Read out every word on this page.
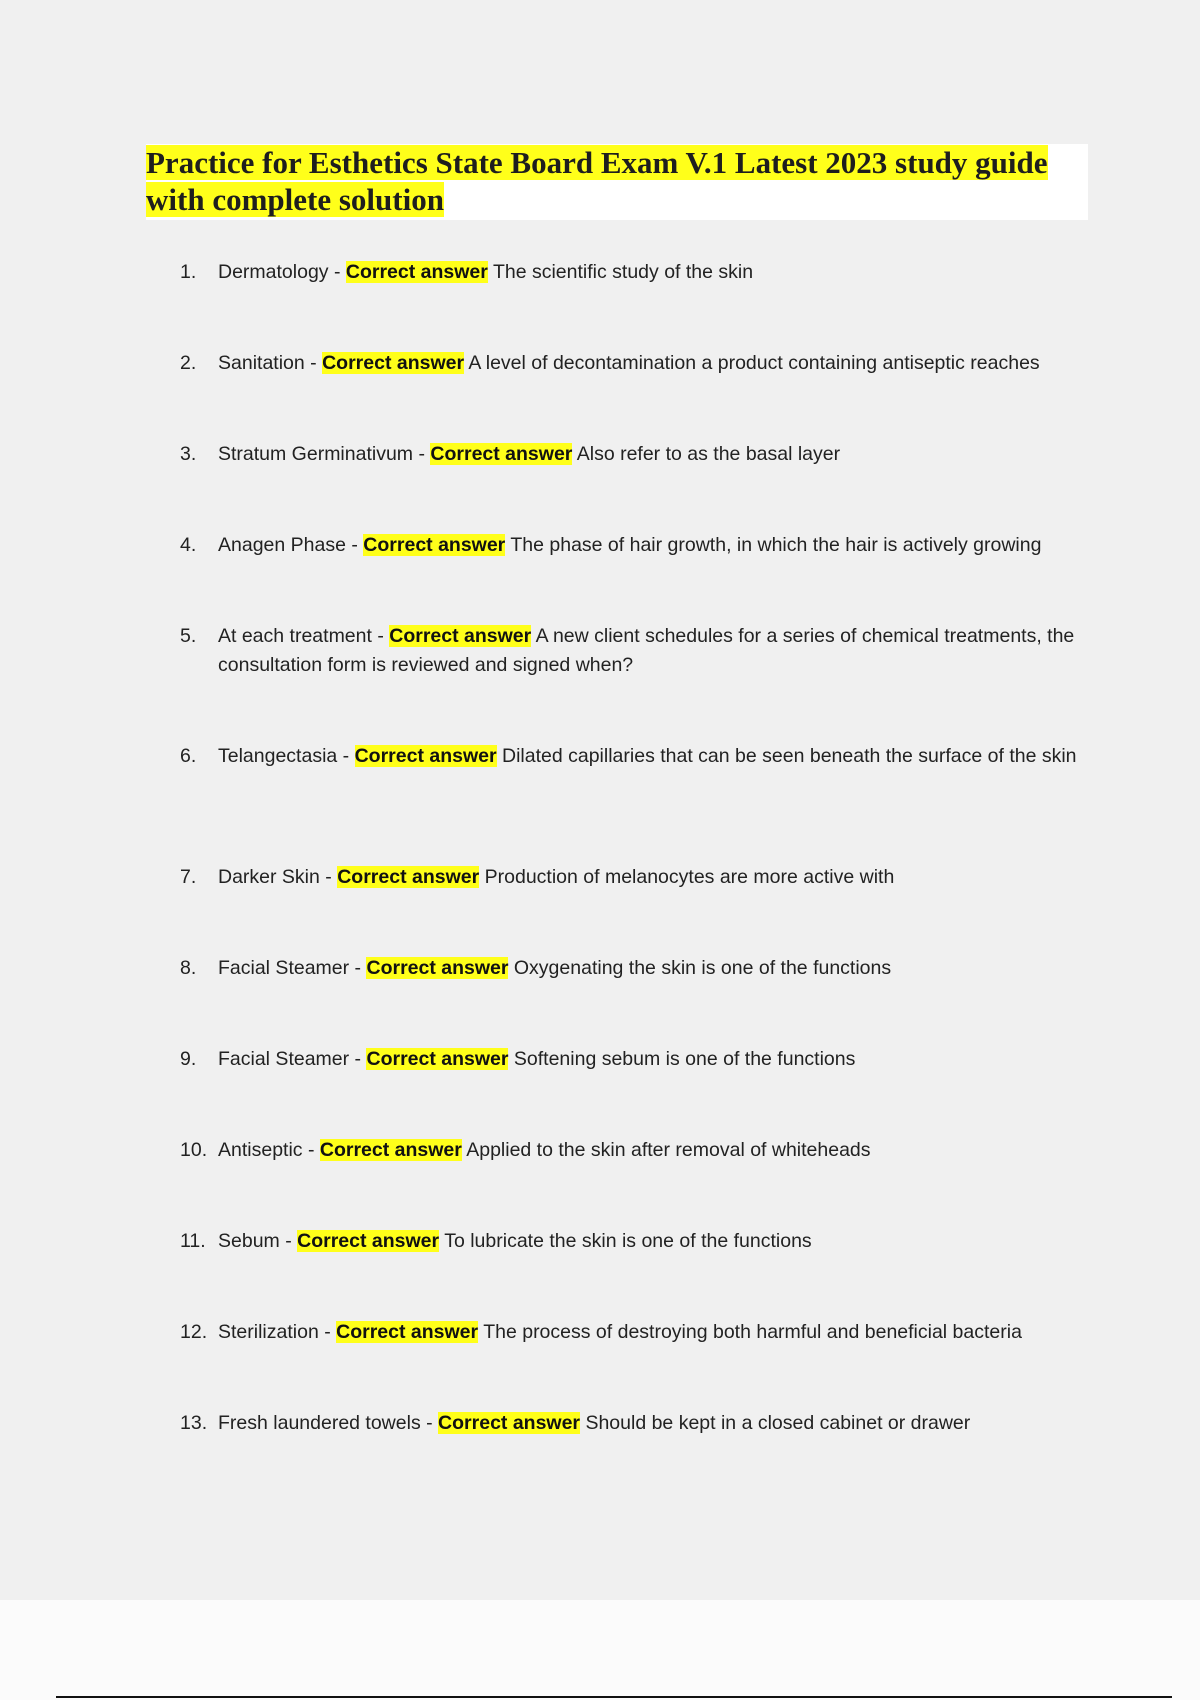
Practice for Esthetics State Board Exam V.1 Latest 2023 study guide with complete solution
1.	Dermatology - Correct answer The scientific study of the skin
2.	Sanitation - Correct answer A level of decontamination a product containing antiseptic reaches
3.	Stratum Germinativum - Correct answer Also refer to as the basal layer
4.	Anagen Phase - Correct answer The phase of hair growth, in which the hair is actively growing
5.	At each treatment - Correct answer A new client schedules for a series of chemical treatments, the consultation form is reviewed and signed when?
6.	Telangectasia - Correct answer Dilated capillaries that can be seen beneath the surface of the skin
7.	Darker Skin - Correct answer Production of melanocytes are more active with
8.	Facial Steamer - Correct answer Oxygenating the skin is one of the functions
9.	Facial Steamer - Correct answer Softening sebum is one of the functions
10. Antiseptic - Correct answer Applied to the skin after removal of whiteheads
11. Sebum - Correct answer To lubricate the skin is one of the functions
12. Sterilization - Correct answer The process of destroying both harmful and beneficial bacteria
13. Fresh laundered towels - Correct answer Should be kept in a closed cabinet or drawer
